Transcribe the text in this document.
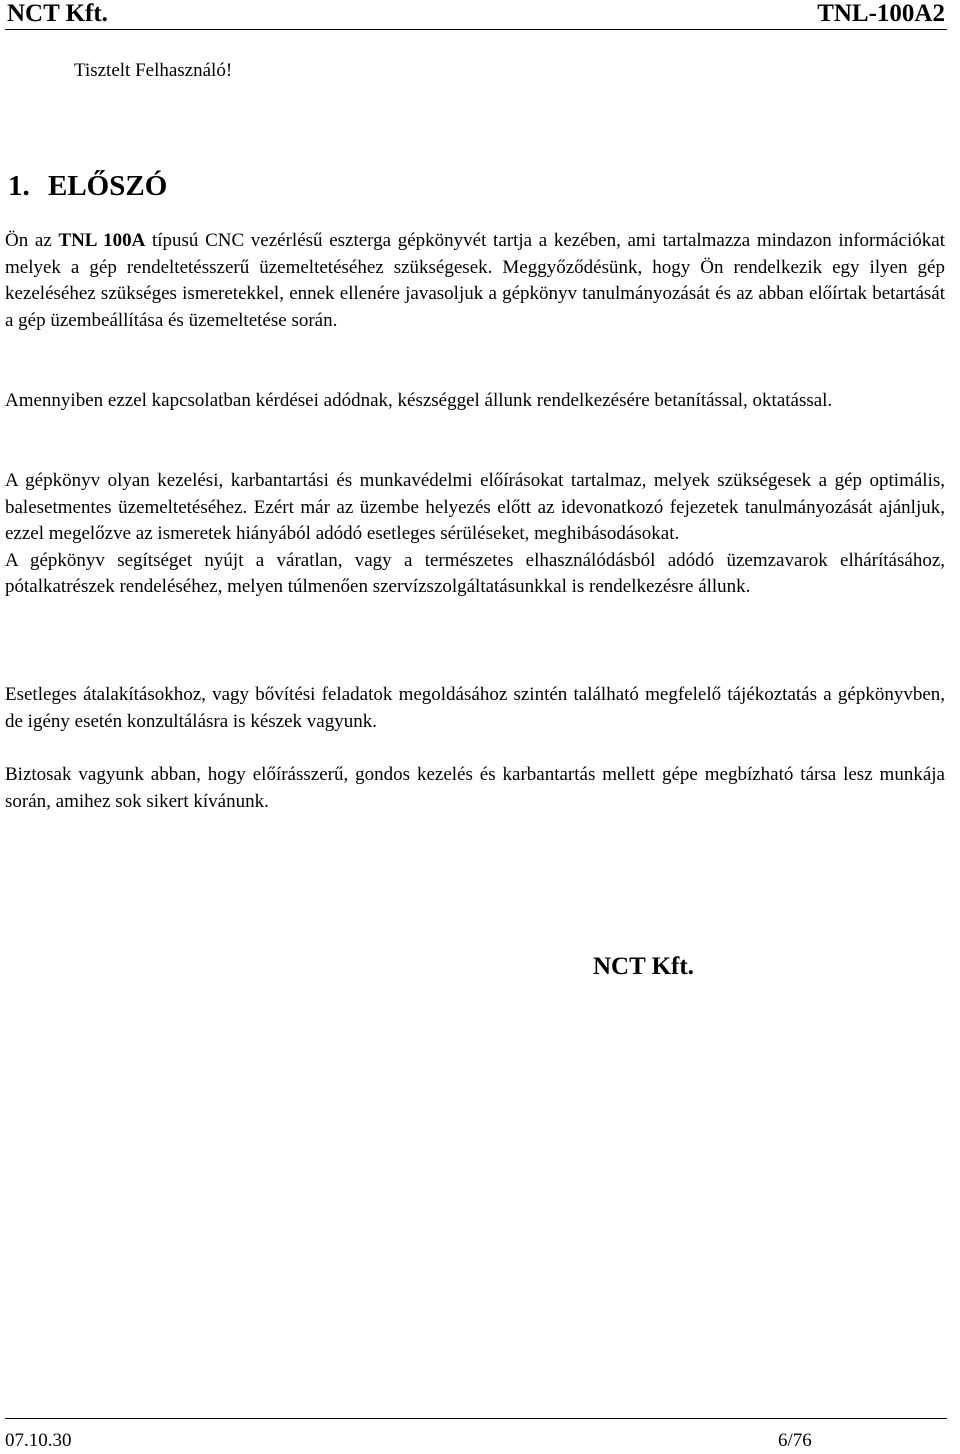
NCT Kft.	TNL-100A2
Tisztelt Felhasználó!
1. ELŐSZÓ

Ön az TNL 100A típusú CNC vezérlésű eszterga gépkönyvét tartja a kezében, ami tartalmazza mindazon információkat melyek a gép rendeltetésszerű üzemeltetéséhez szükségesek. Meggyőződésünk, hogy Ön rendelkezik egy ilyen gép kezeléséhez szükséges ismeretekkel, ennek ellenére javasoljuk a gépkönyv tanulmányozását és az abban előírtak betartását a gép üzembeállítása és üzemeltetése során.

Amennyiben ezzel kapcsolatban kérdései adódnak, készséggel állunk rendelkezésére betanítással, oktatással.

A gépkönyv olyan kezelési, karbantartási és munkavédelmi előírásokat tartalmaz, melyek szükségesek a gép optimális, balesetmentes üzemeltetéséhez. Ezért már az üzembe helyezés előtt az idevonatkozó fejezetek tanulmányozását ajánljuk, ezzel megelőzve az ismeretek hiányából adódó esetleges sérüléseket, meghibásodásokat.

A gépkönyv segítséget nyújt a váratlan, vagy a természetes elhasználódásból adódó üzemzavarok elhárításához, pótalkatrészek rendeléséhez, melyen túlmenően szervízszolgáltatásunkkal is rendelkezésre állunk.

Esetleges átalakításokhoz, vagy bővítési feladatok megoldásához szintén található megfelelő tájékoztatás a gépkönyvben, de igény esetén konzultálásra is készek vagyunk.

Biztosak vagyunk abban, hogy előírásszerű, gondos kezelés és karbantartás mellett gépe megbízható társa lesz munkája során, amihez sok sikert kívánunk.

NCT Kft.
07.10.30	6/76
